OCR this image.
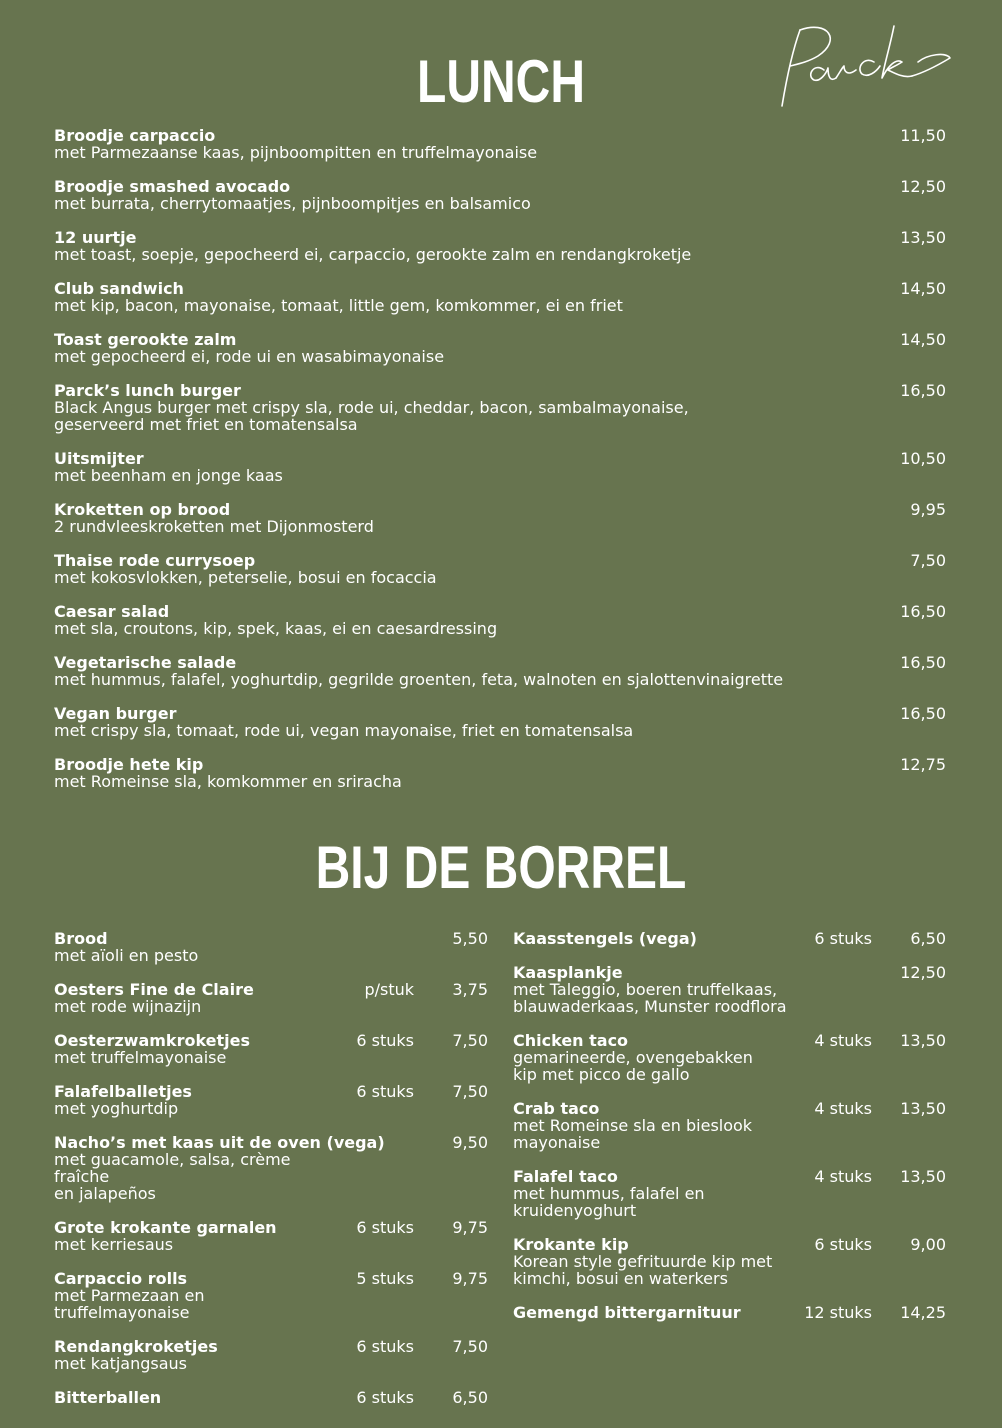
LUNCH
Broodje carpaccio
met Parmezaanse kaas, pijnboompitten en truffelmayonaise
11,50
Broodje smashed avocado
met burrata, cherrytomaatjes, pijnboompitjes en balsamico
12,50
12 uurtje
met toast, soepje, gepocheerd ei, carpaccio, gerookte zalm en rendangkroketje
13,50
Club sandwich
met kip, bacon, mayonaise, tomaat, little gem, komkommer, ei en friet
14,50
Toast gerookte zalm
met gepocheerd ei, rode ui en wasabimayonaise
14,50
Parck’s lunch burger
Black Angus burger met crispy sla, rode ui, cheddar, bacon, sambalmayonaise,
geserveerd met friet en tomatensalsa
16,50
Uitsmijter
met beenham en jonge kaas
10,50
Kroketten op brood
2 rundvleeskroketten met Dijonmosterd
9,95
Thaise rode currysoep
met kokosvlokken, peterselie, bosui en focaccia
7,50
Caesar salad
met sla, croutons, kip, spek, kaas, ei en caesardressing
16,50
Vegetarische salade
met hummus, falafel, yoghurtdip, gegrilde groenten, feta, walnoten en sjalottenvinaigrette
16,50
Vegan burger
met crispy sla, tomaat, rode ui, vegan mayonaise, friet en tomatensalsa
16,50
Broodje hete kip
met Romeinse sla, komkommer en sriracha
12,75
BIJ DE BORREL
Brood
met aïoli en pesto
5,50
Oesters Fine de Claire
met rode wijnazijn
p/stuk 3,75
Oesterzwamkroketjes
met truffelmayonaise
6 stuks 7,50
Falafelballetjes
met yoghurtdip
6 stuks 7,50
Nacho’s met kaas uit de oven (vega)
met guacamole, salsa, crème fraîche
en jalapeños
9,50
Grote krokante garnalen
met kerriesaus
6 stuks 9,75
Carpaccio rolls
met Parmezaan en truffelmayonaise
5 stuks 9,75
Rendangkroketjes
met katjangsaus
6 stuks 7,50
Bitterballen	6 stuks 6,50
Kaasstengels (vega)	6 stuks 6,50
Kaasplankje
met Taleggio, boeren truffelkaas,
blauwaderkaas, Munster roodflora
12,50
Chicken taco
gemarineerde, ovengebakken
kip met picco de gallo
4 stuks 13,50
Crab taco
met Romeinse sla en bieslook
mayonaise
4 stuks 13,50
Falafel taco
met hummus, falafel en
kruidenyoghurt
4 stuks 13,50
Krokante kip
Korean style gefrituurde kip met
kimchi, bosui en waterkers
6 stuks 9,00
Gemengd bittergarnituur	12 stuks 14,25
